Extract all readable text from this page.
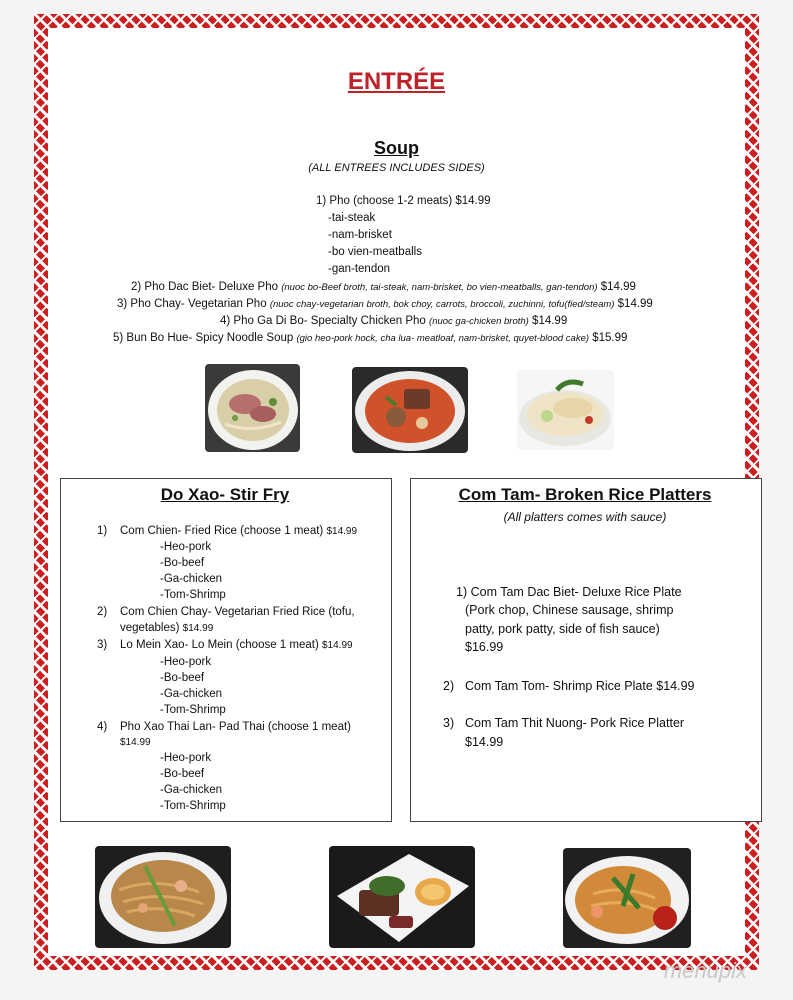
ENTRÉE
Soup
(ALL ENTREES INCLUDES SIDES)
1) Pho (choose 1-2 meats) $14.99
-tai-steak
-nam-brisket
-bo vien-meatballs
-gan-tendon
2) Pho Dac Biet- Deluxe Pho (nuoc bo-Beef broth, tai-steak, nam-brisket, bo vien-meatballs, gan-tendon) $14.99
3) Pho Chay- Vegetarian Pho (nuoc chay-vegetarian broth, bok choy, carrots, broccoli, zuchinni, tofu(fied/steam) $14.99
4) Pho Ga Di Bo- Specialty Chicken Pho (nuoc ga-chicken broth) $14.99
5) Bun Bo Hue- Spicy Noodle Soup (gio heo-pork hock, cha lua- meatloaf, nam-brisket, quyet-blood cake) $15.99
Do Xao- Stir Fry
1) Com Chien- Fried Rice (choose 1 meat) $14.99
-Heo-pork
-Bo-beef
-Ga-chicken
-Tom-Shrimp
2) Com Chien Chay- Vegetarian Fried Rice (tofu,
vegetables) $14.99
3) Lo Mein Xao- Lo Mein (choose 1 meat) $14.99
-Heo-pork
-Bo-beef
-Ga-chicken
-Tom-Shrimp
4) Pho Xao Thai Lan- Pad Thai (choose 1 meat)
$14.99
-Heo-pork
-Bo-beef
-Ga-chicken
-Tom-Shrimp
Com Tam- Broken Rice Platters
(All platters comes with sauce)
1) Com Tam Dac Biet- Deluxe Rice Plate
(Pork chop, Chinese sausage, shrimp
patty, pork patty, side of fish sauce)
$16.99
2) Com Tam Tom- Shrimp Rice Plate $14.99
3) Com Tam Thit Nuong- Pork Rice Platter
$14.99
menupix
